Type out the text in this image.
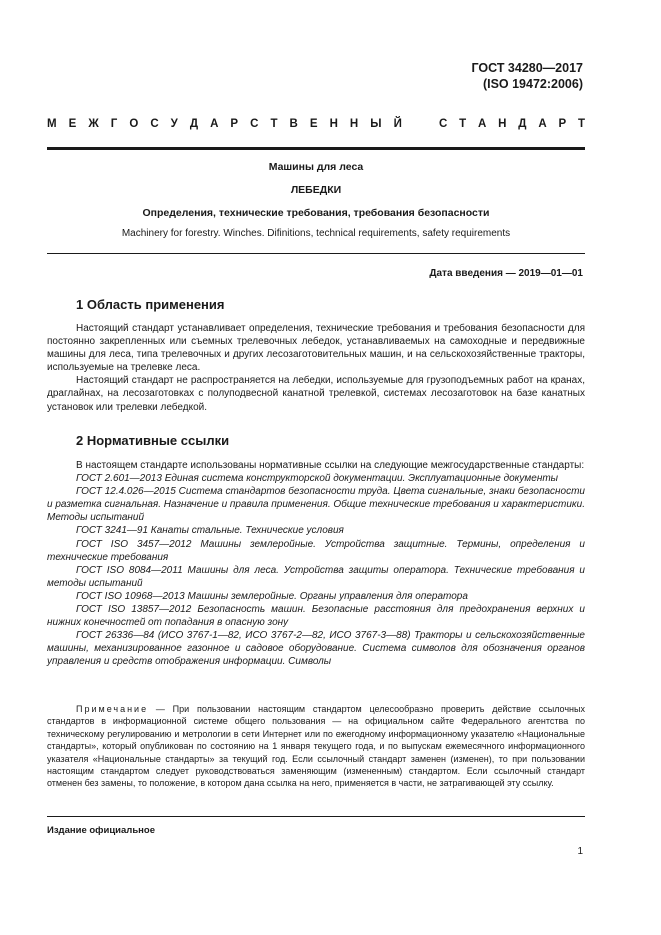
ГОСТ 34280—2017
(ISO 19472:2006)
М Е Ж Г О С У Д А Р С Т В Е Н Н Ы Й	С Т А Н Д А Р Т
Машины для леса
ЛЕБЕДКИ
Определения, технические требования, требования безопасности
Machinery for forestry. Winches. Difinitions, technical requirements, safety requirements
Дата введения — 2019—01—01
1 Область применения

Настоящий стандарт устанавливает определения, технические требования и требования безопасности для постоянно закрепленных или съемных трелевочных лебедок, устанавливаемых на самоходные и передвижные машины для леса, типа трелевочных и других лесозаготовительных машин, и на сельскохозяйственные тракторы, используемые на трелевке леса.

Настоящий стандарт не распространяется на лебедки, используемые для грузоподъемных работ на кранах, драглайнах, на лесозаготовках с полуподвесной канатной трелевкой, системах лесозаготовок на базе канатных установок или трелевки лебедкой.

2 Нормативные ссылки

В настоящем стандарте использованы нормативные ссылки на следующие межгосударственные стандарты:

ГОСТ 2.601—2013 Единая система конструкторской документации. Эксплуатационные документы

ГОСТ 12.4.026—2015 Система стандартов безопасности труда. Цвета сигнальные, знаки безопасности и разметка сигнальная. Назначение и правила применения. Общие технические требования и характеристики. Методы испытаний

ГОСТ 3241—91 Канаты стальные. Технические условия

ГОСТ ISO 3457—2012 Машины землеройные. Устройства защитные. Термины, определения и технические требования

ГОСТ ISO 8084—2011 Машины для леса. Устройства защиты оператора. Технические требования и методы испытаний

ГОСТ ISO 10968—2013 Машины землеройные. Органы управления для оператора

ГОСТ ISO 13857—2012 Безопасность машин. Безопасные расстояния для предохранения верхних и нижних конечностей от попадания в опасную зону

ГОСТ 26336—84 (ИСО 3767-1—82, ИСО 3767-2—82, ИСО 3767-3—88) Тракторы и сельскохозяйственные машины, механизированное газонное и садовое оборудование. Система символов для обозначения органов управления и средств отображения информации. Символы

Примечание — При пользовании настоящим стандартом целесообразно проверить действие ссылочных стандартов в информационной системе общего пользования — на официальном сайте Федерального агентства по техническому регулированию и метрологии в сети Интернет или по ежегодному информационному указателю «Национальные стандарты», который опубликован по состоянию на 1 января текущего года, и по выпускам ежемесячного информационного указателя «Национальные стандарты» за текущий год. Если ссылочный стандарт заменен (изменен), то при пользовании настоящим стандартом следует руководствоваться заменяющим (измененным) стандартом. Если ссылочный стандарт отменен без замены, то положение, в котором дана ссылка на него, применяется в части, не затрагивающей эту ссылку.

Издание официальное
1
